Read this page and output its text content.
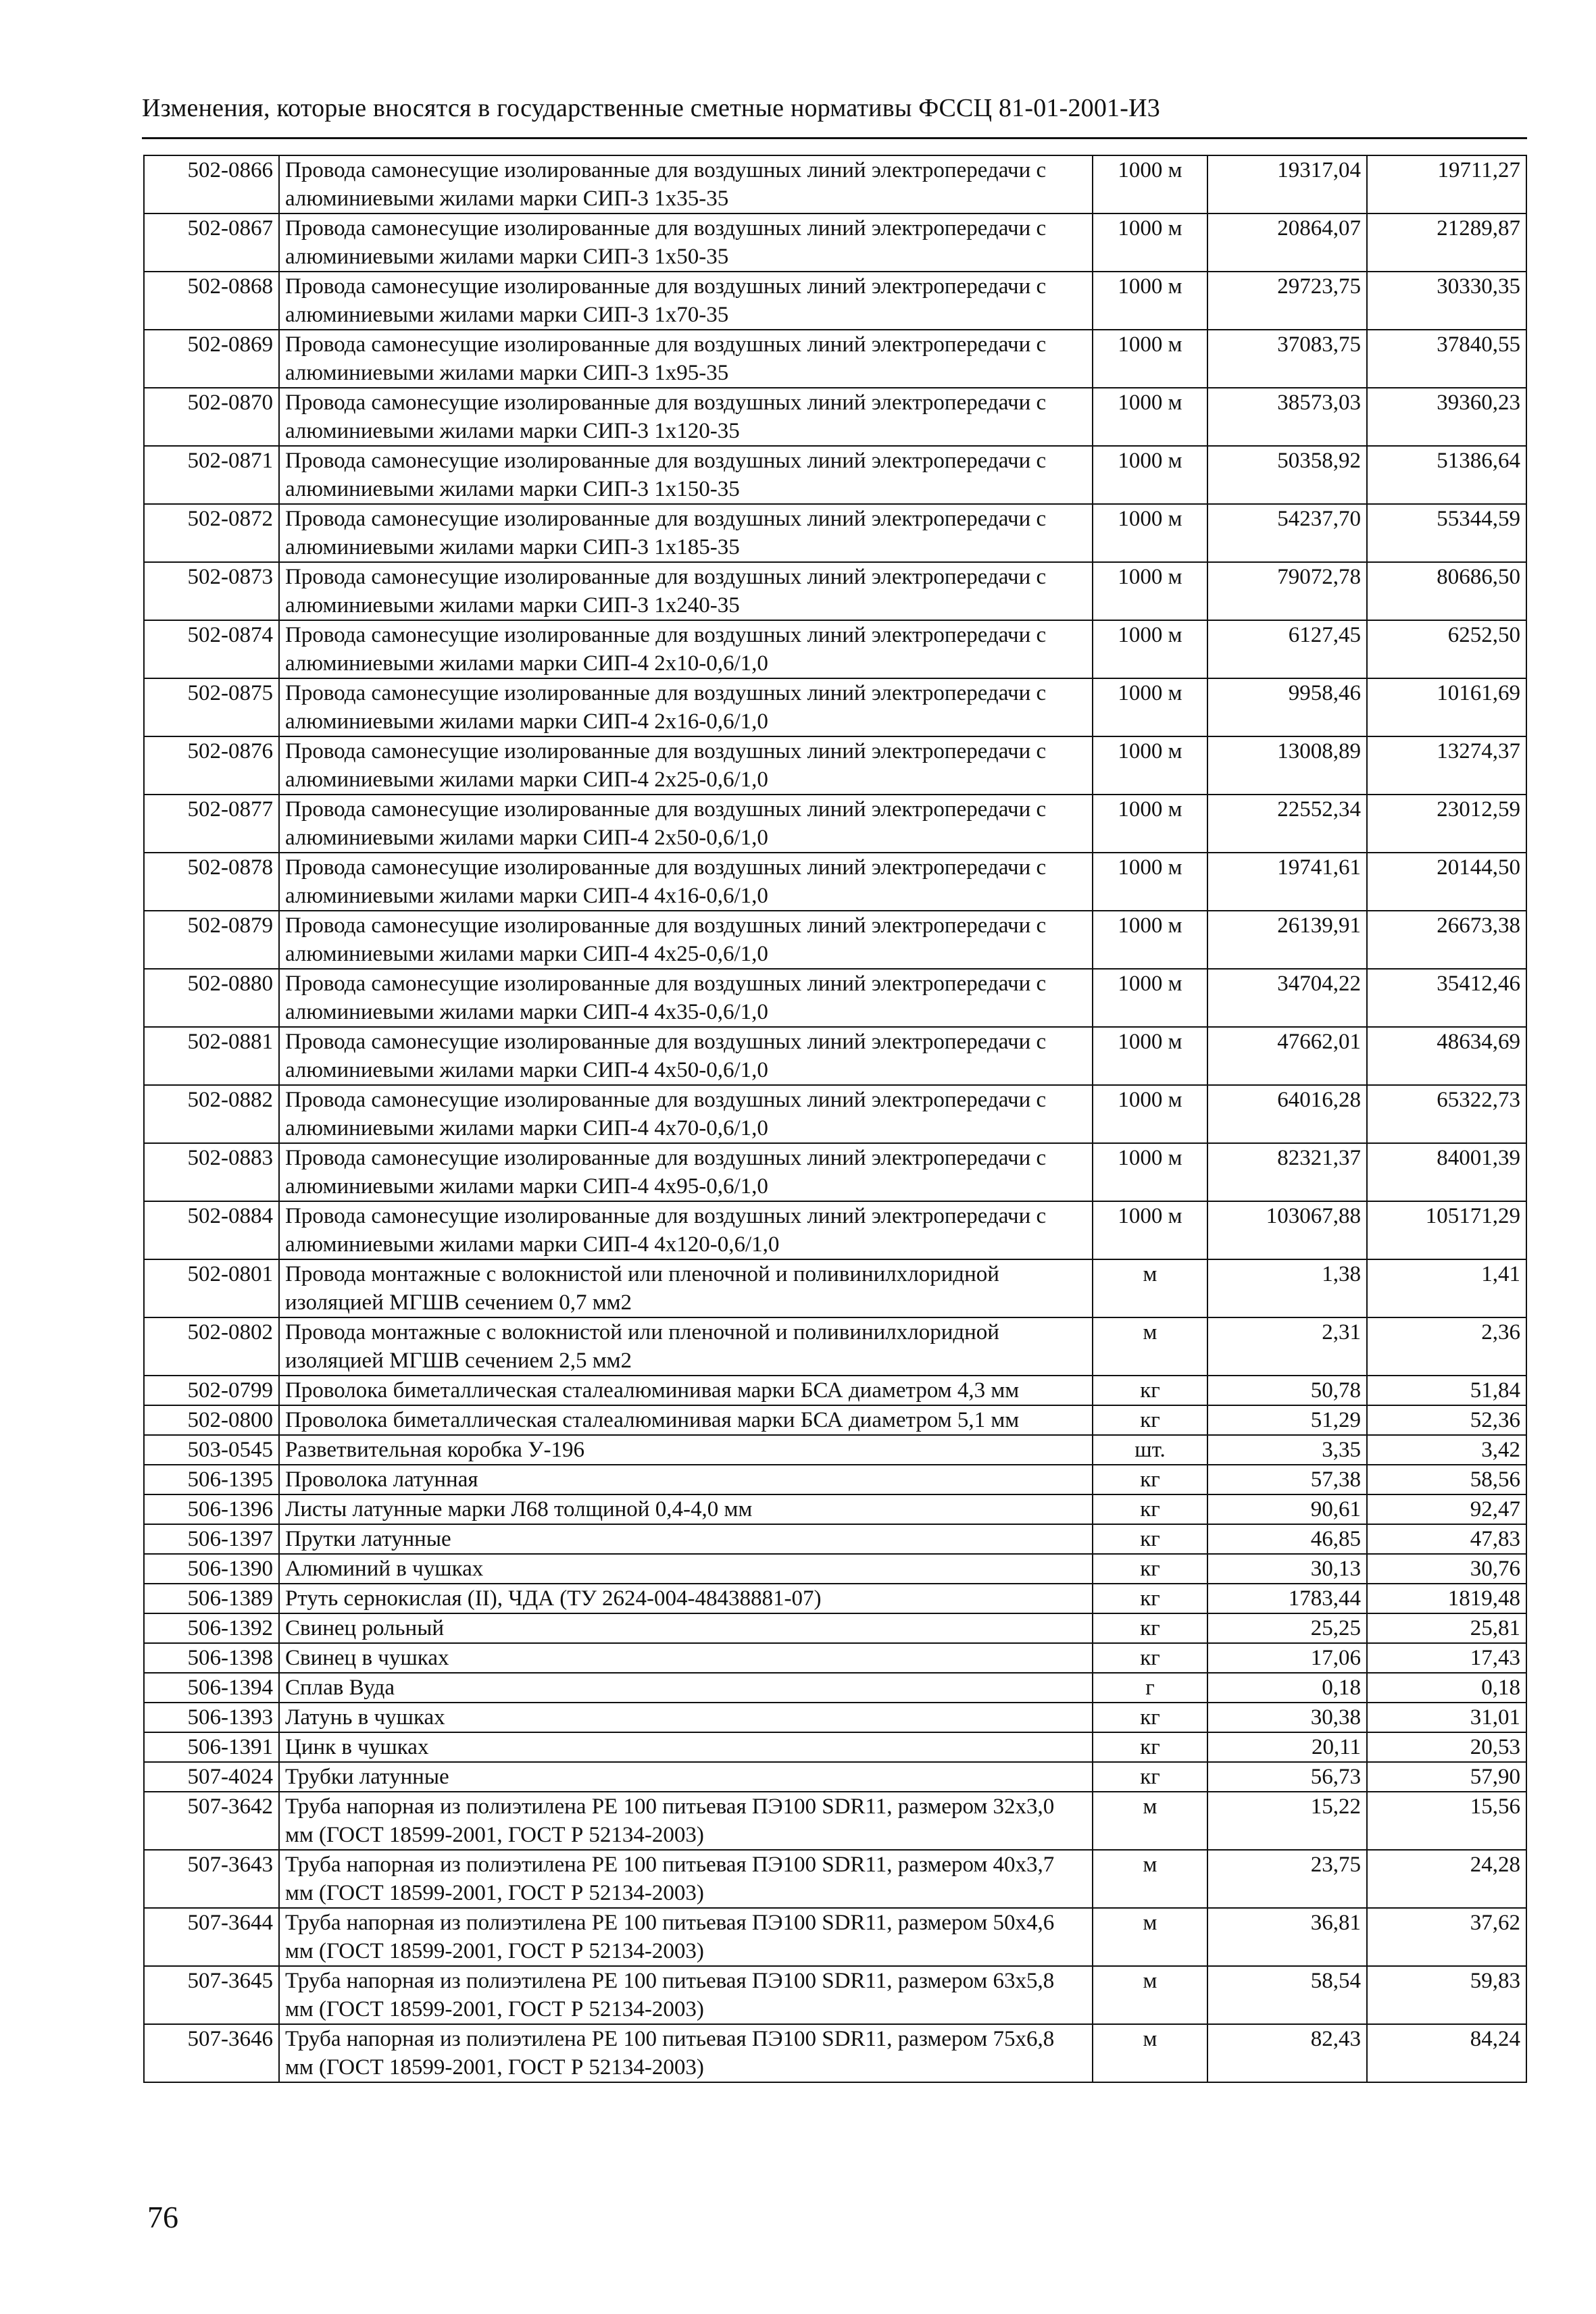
Изменения, которые вносятся в государственные сметные нормативы ФССЦ 81-01-2001-И3
502-0866	Провода самонесущие изолированные для воздушных линий электропередачи с алюминиевыми жилами марки СИП-3 1х35-35	1000 м	19317,04	19711,27
502-0867	Провода самонесущие изолированные для воздушных линий электропередачи с алюминиевыми жилами марки СИП-3 1х50-35	1000 м	20864,07	21289,87
502-0868	Провода самонесущие изолированные для воздушных линий электропередачи с алюминиевыми жилами марки СИП-3 1х70-35	1000 м	29723,75	30330,35
502-0869	Провода самонесущие изолированные для воздушных линий электропередачи с алюминиевыми жилами марки СИП-3 1х95-35	1000 м	37083,75	37840,55
502-0870	Провода самонесущие изолированные для воздушных линий электропередачи с алюминиевыми жилами марки СИП-3 1х120-35	1000 м	38573,03	39360,23
502-0871	Провода самонесущие изолированные для воздушных линий электропередачи с алюминиевыми жилами марки СИП-3 1х150-35	1000 м	50358,92	51386,64
502-0872	Провода самонесущие изолированные для воздушных линий электропередачи с алюминиевыми жилами марки СИП-3 1х185-35	1000 м	54237,70	55344,59
502-0873	Провода самонесущие изолированные для воздушных линий электропередачи с алюминиевыми жилами марки СИП-3 1х240-35	1000 м	79072,78	80686,50
502-0874	Провода самонесущие изолированные для воздушных линий электропередачи с алюминиевыми жилами марки СИП-4 2х10-0,6/1,0	1000 м	6127,45	6252,50
502-0875	Провода самонесущие изолированные для воздушных линий электропередачи с алюминиевыми жилами марки СИП-4 2х16-0,6/1,0	1000 м	9958,46	10161,69
502-0876	Провода самонесущие изолированные для воздушных линий электропередачи с алюминиевыми жилами марки СИП-4 2х25-0,6/1,0	1000 м	13008,89	13274,37
502-0877	Провода самонесущие изолированные для воздушных линий электропередачи с алюминиевыми жилами марки СИП-4 2х50-0,6/1,0	1000 м	22552,34	23012,59
502-0878	Провода самонесущие изолированные для воздушных линий электропередачи с алюминиевыми жилами марки СИП-4 4х16-0,6/1,0	1000 м	19741,61	20144,50
502-0879	Провода самонесущие изолированные для воздушных линий электропередачи с алюминиевыми жилами марки СИП-4 4х25-0,6/1,0	1000 м	26139,91	26673,38
502-0880	Провода самонесущие изолированные для воздушных линий электропередачи с алюминиевыми жилами марки СИП-4 4х35-0,6/1,0	1000 м	34704,22	35412,46
502-0881	Провода самонесущие изолированные для воздушных линий электропередачи с алюминиевыми жилами марки СИП-4 4х50-0,6/1,0	1000 м	47662,01	48634,69
502-0882	Провода самонесущие изолированные для воздушных линий электропередачи с алюминиевыми жилами марки СИП-4 4х70-0,6/1,0	1000 м	64016,28	65322,73
502-0883	Провода самонесущие изолированные для воздушных линий электропередачи с алюминиевыми жилами марки СИП-4 4х95-0,6/1,0	1000 м	82321,37	84001,39
502-0884	Провода самонесущие изолированные для воздушных линий электропередачи с алюминиевыми жилами марки СИП-4 4х120-0,6/1,0	1000 м	103067,88	105171,29
502-0801	Провода монтажные с волокнистой или пленочной и поливинилхлоридной изоляцией МГШВ сечением 0,7 мм2	м	1,38	1,41
502-0802	Провода монтажные с волокнистой или пленочной и поливинилхлоридной изоляцией МГШВ сечением 2,5 мм2	м	2,31	2,36
502-0799	Проволока биметаллическая сталеалюминивая марки БСА диаметром 4,3 мм	кг	50,78	51,84
502-0800	Проволока биметаллическая сталеалюминивая марки БСА диаметром 5,1 мм	кг	51,29	52,36
503-0545	Разветвительная коробка У-196	шт.	3,35	3,42
506-1395	Проволока латунная	кг	57,38	58,56
506-1396	Листы латунные марки Л68 толщиной 0,4-4,0 мм	кг	90,61	92,47
506-1397	Прутки латунные	кг	46,85	47,83
506-1390	Алюминий в чушках	кг	30,13	30,76
506-1389	Ртуть сернокислая (II), ЧДА (ТУ 2624-004-48438881-07)	кг	1783,44	1819,48
506-1392	Свинец рольный	кг	25,25	25,81
506-1398	Свинец в чушках	кг	17,06	17,43
506-1394	Сплав Вуда	г	0,18	0,18
506-1393	Латунь в чушках	кг	30,38	31,01
506-1391	Цинк в чушках	кг	20,11	20,53
507-4024	Трубки латунные	кг	56,73	57,90
507-3642	Труба напорная из полиэтилена PE 100 питьевая ПЭ100 SDR11, размером 32х3,0 мм (ГОСТ 18599-2001, ГОСТ Р 52134-2003)	м	15,22	15,56
507-3643	Труба напорная из полиэтилена PE 100 питьевая ПЭ100 SDR11, размером 40х3,7 мм (ГОСТ 18599-2001, ГОСТ Р 52134-2003)	м	23,75	24,28
507-3644	Труба напорная из полиэтилена PE 100 питьевая ПЭ100 SDR11, размером 50х4,6 мм (ГОСТ 18599-2001, ГОСТ Р 52134-2003)	м	36,81	37,62
507-3645	Труба напорная из полиэтилена PE 100 питьевая ПЭ100 SDR11, размером 63х5,8 мм (ГОСТ 18599-2001, ГОСТ Р 52134-2003)	м	58,54	59,83
507-3646	Труба напорная из полиэтилена PE 100 питьевая ПЭ100 SDR11, размером 75х6,8 мм (ГОСТ 18599-2001, ГОСТ Р 52134-2003)	м	82,43	84,24
76
